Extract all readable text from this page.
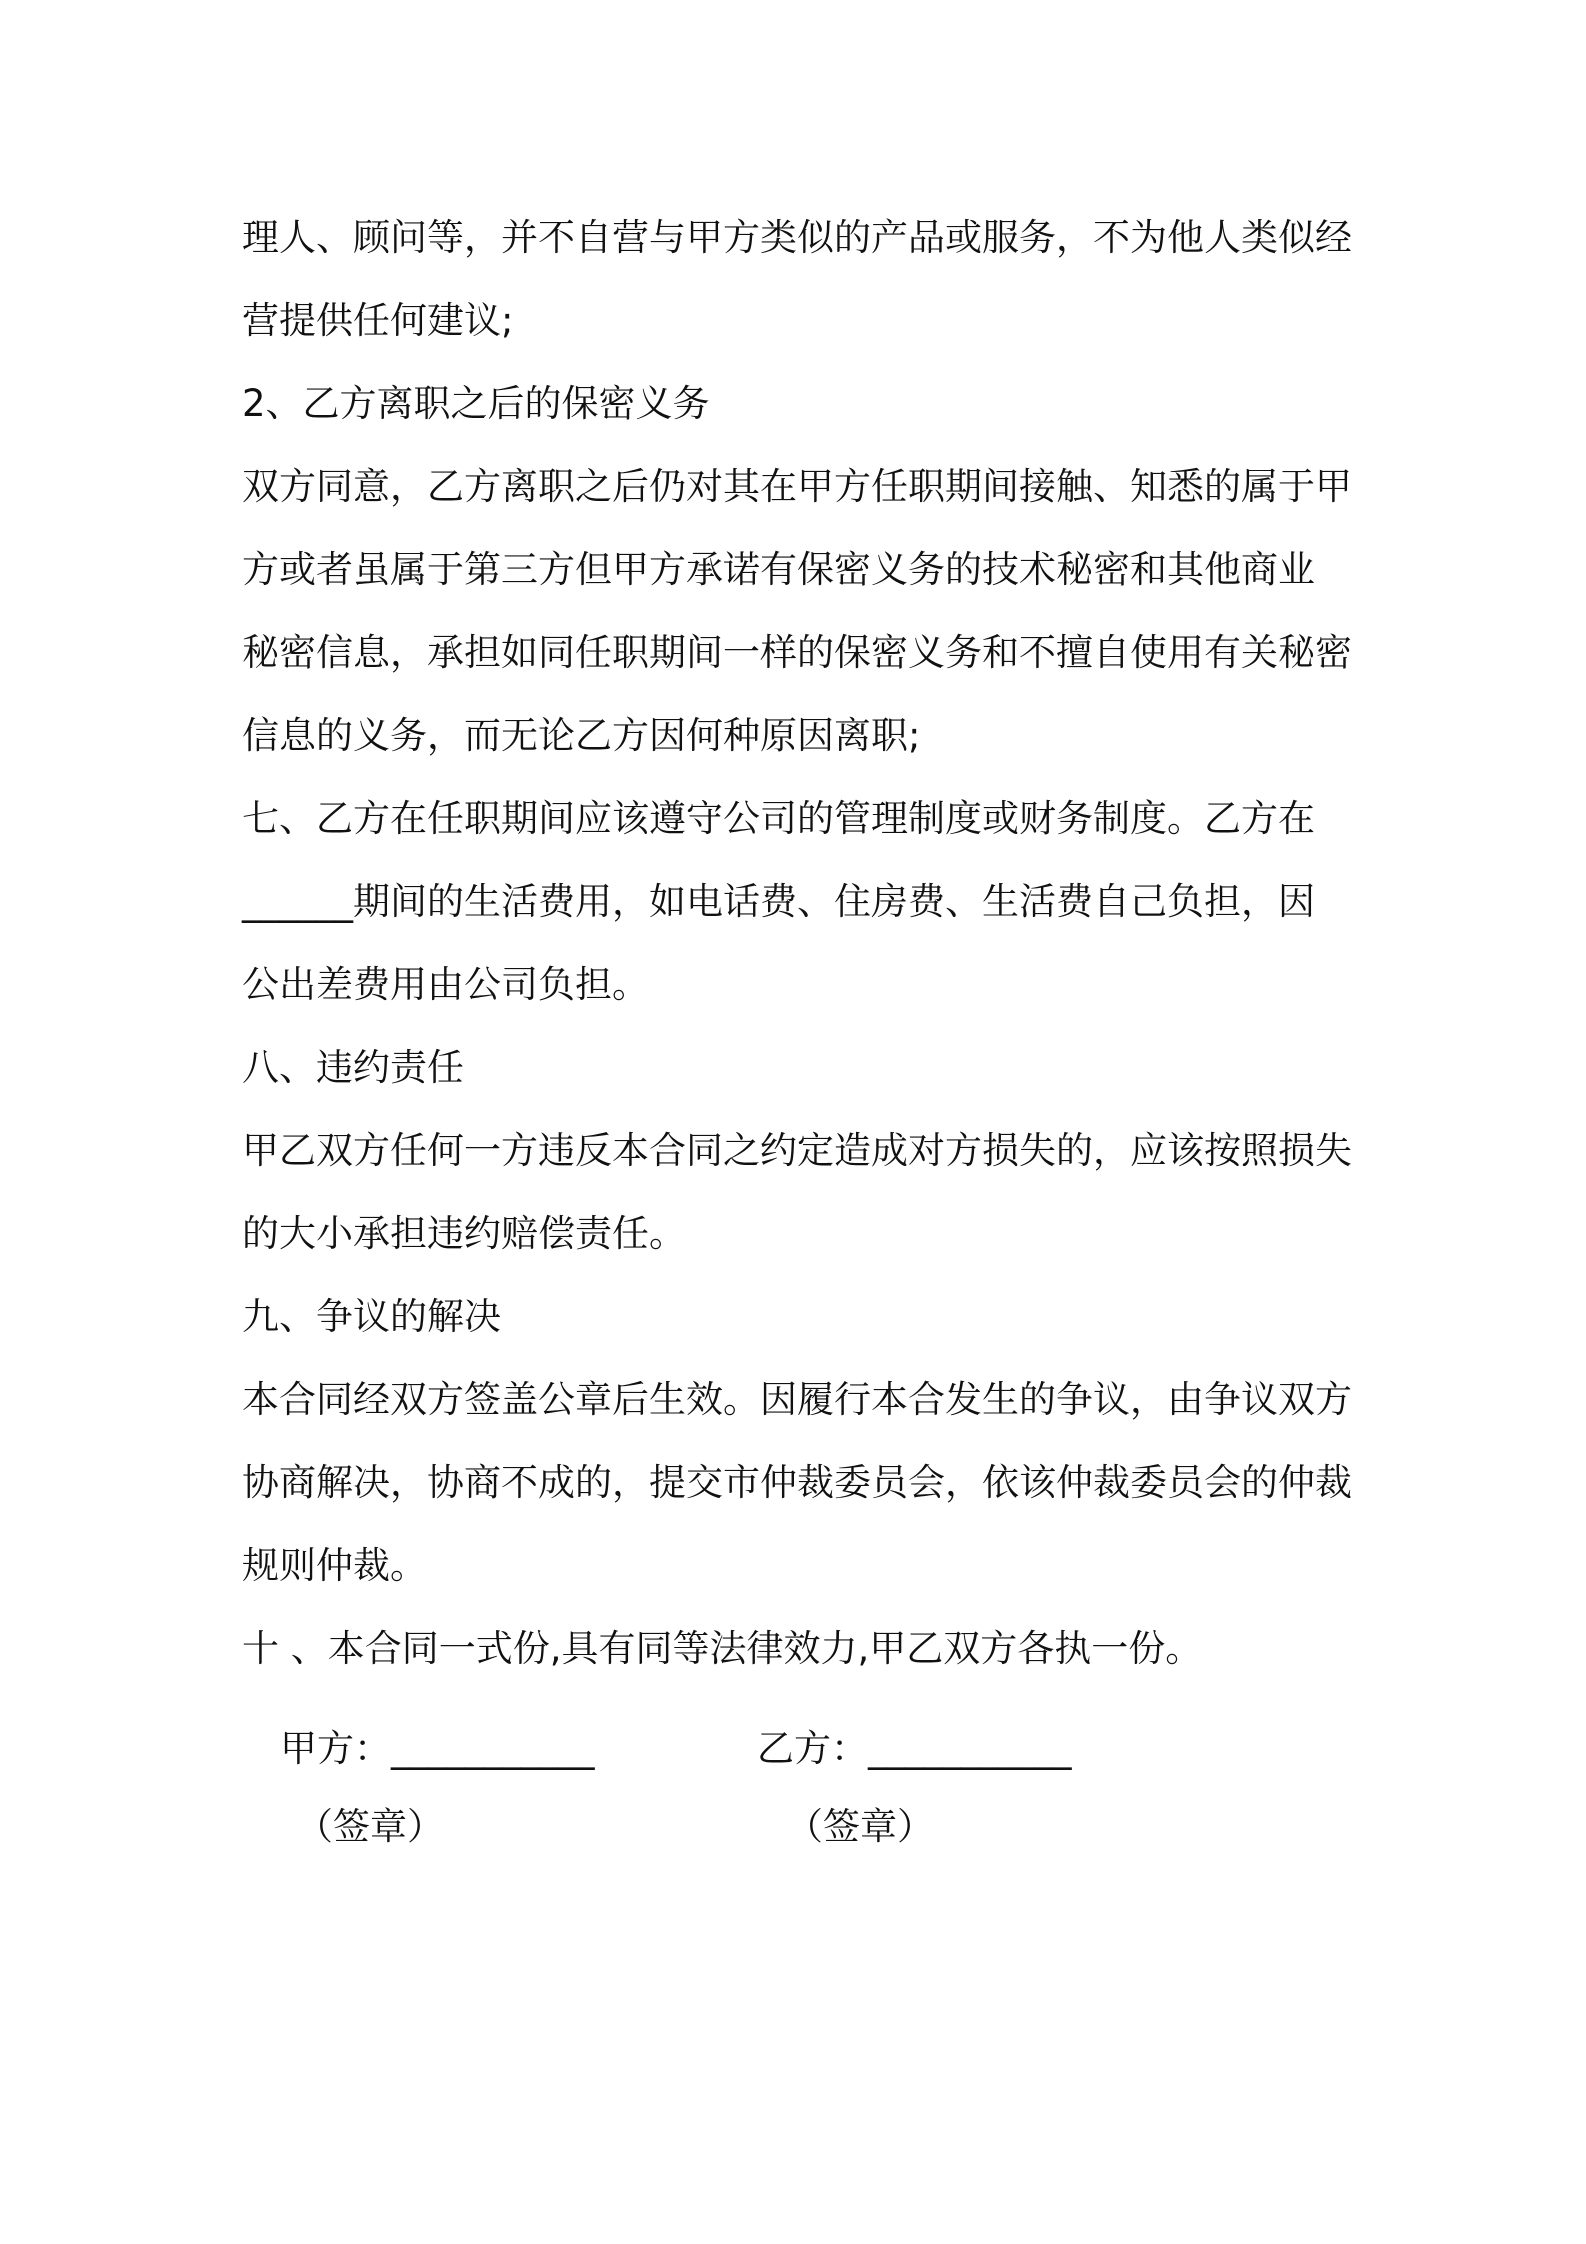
理人、顾问等，并不自营与甲方类似的产品或服务，不为他人类似经
营提供任何建议;
2、乙方离职之后的保密义务
双方同意，乙方离职之后仍对其在甲方任职期间接触、知悉的属于甲
方或者虽属于第三方但甲方承诺有保密义务的技术秘密和其他商业
秘密信息，承担如同任职期间一样的保密义务和不擅自使用有关秘密
信息的义务，而无论乙方因何种原因离职;
七、乙方在任职期间应该遵守公司的管理制度或财务制度。乙方在
______期间的生活费用，如电话费、住房费、生活费自己负担，因
公出差费用由公司负担。
八、违约责任
甲乙双方任何一方违反本合同之约定造成对方损失的，应该按照损失
的大小承担违约赔偿责任。
九、争议的解决
本合同经双方签盖公章后生效。因履行本合发生的争议，由争议双方
协商解决，协商不成的，提交市仲裁委员会，依该仲裁委员会的仲裁
规则仲裁。
十 、本合同一式份,具有同等法律效力,甲乙双方各执一份。
甲方：___________	乙方：___________
（签章）	（签章）
